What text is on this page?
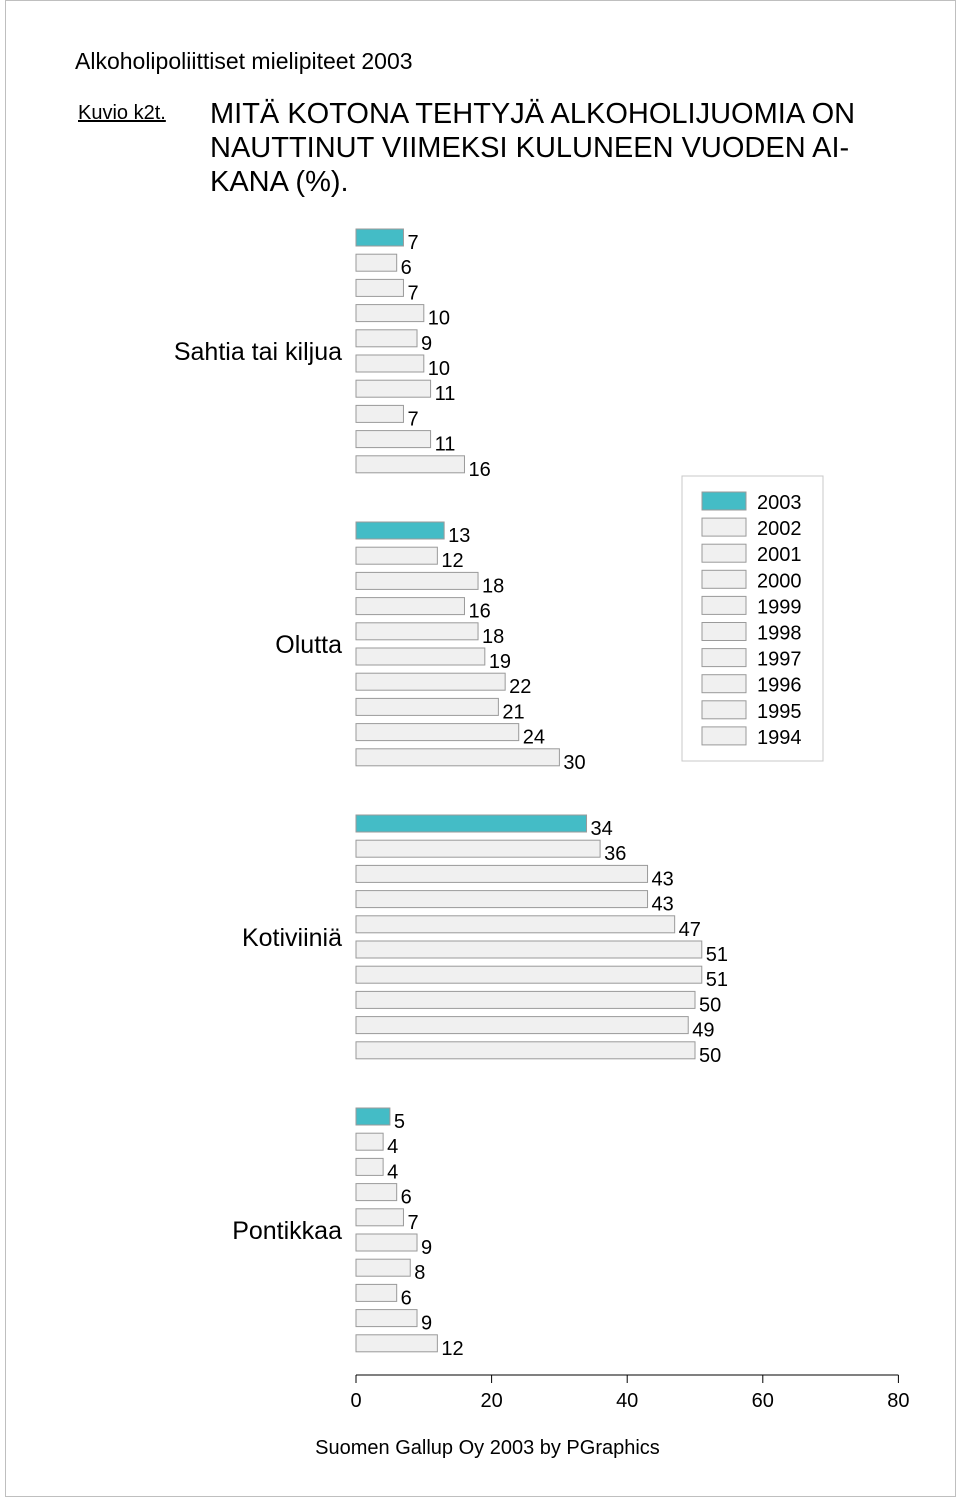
Alkoholipoliittiset mielipiteet 2003
Kuvio k2t. MITÄ KOTONA TEHTYJÄ ALKOHOLIJUOMIA ON NAUTTINUT VIIMEKSI KULUNEEN VUODEN AI-KANA (%).
Sahtia tai kiljua
7
6
7
10
9
10
11
7
11
16
Olutta
13
12
18
16
18
19
22
21
24
30
Kotiviiniä
34
36
43
43
47
51
51
50
49
50
Pontikkaa
5
4
4
6
7
9
8
6
9
12
0	20	40	60	80
2003
2002
2001
2000
1999
1998
1997
1996
1995
1994
Suomen Gallup Oy 2003 by PGraphics
